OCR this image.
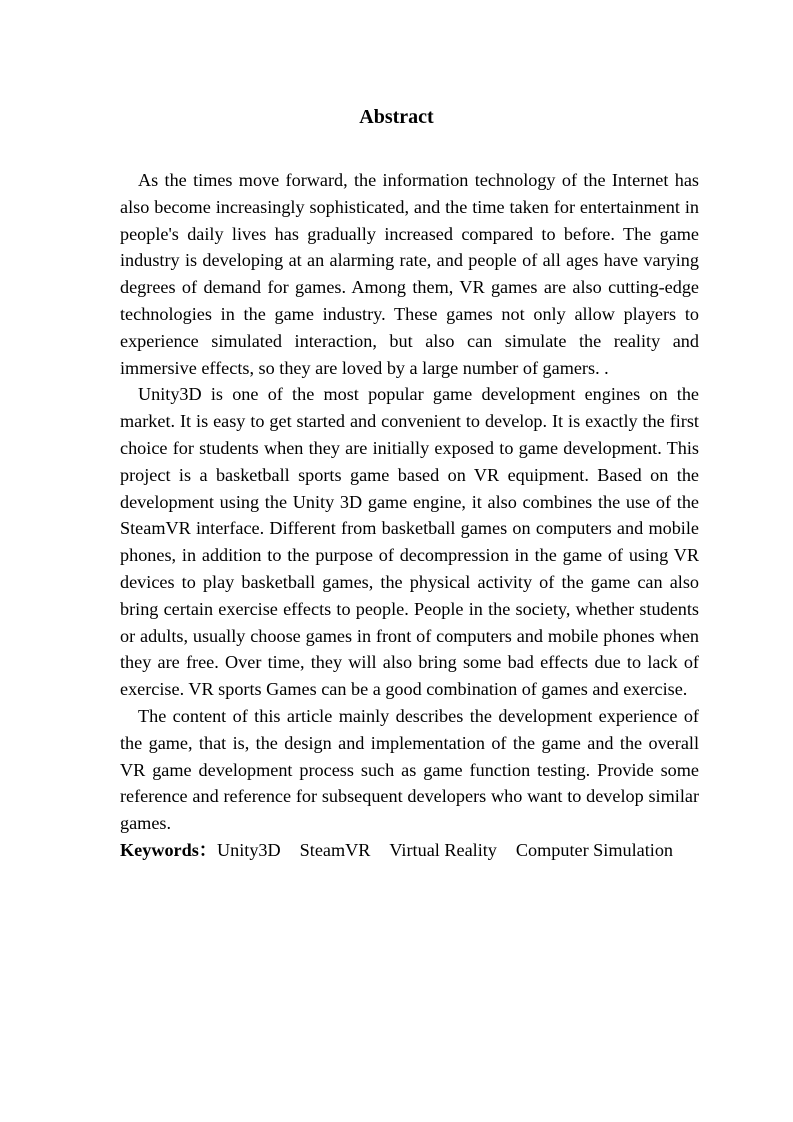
Abstract

As the times move forward, the information technology of the Internet has also become increasingly sophisticated, and the time taken for entertainment in people's daily lives has gradually increased compared to before. The game industry is developing at an alarming rate, and people of all ages have varying degrees of demand for games. Among them, VR games are also cutting-edge technologies in the game industry. These games not only allow players to experience simulated interaction, but also can simulate the reality and immersive effects, so they are loved by a large number of gamers. .

Unity3D is one of the most popular game development engines on the market. It is easy to get started and convenient to develop. It is exactly the first choice for students when they are initially exposed to game development. This project is a basketball sports game based on VR equipment. Based on the development using the Unity 3D game engine, it also combines the use of the SteamVR interface. Different from basketball games on computers and mobile phones, in addition to the purpose of decompression in the game of using VR devices to play basketball games, the physical activity of the game can also bring certain exercise effects to people. People in the society, whether students or adults, usually choose games in front of computers and mobile phones when they are free. Over time, they will also bring some bad effects due to lack of exercise. VR sports Games can be a good combination of games and exercise.

The content of this article mainly describes the development experience of the game, that is, the design and implementation of the game and the overall VR game development process such as game function testing. Provide some reference and reference for subsequent developers who want to develop similar games.

Keywords：Unity3D SteamVR Virtual Reality Computer Simulation
